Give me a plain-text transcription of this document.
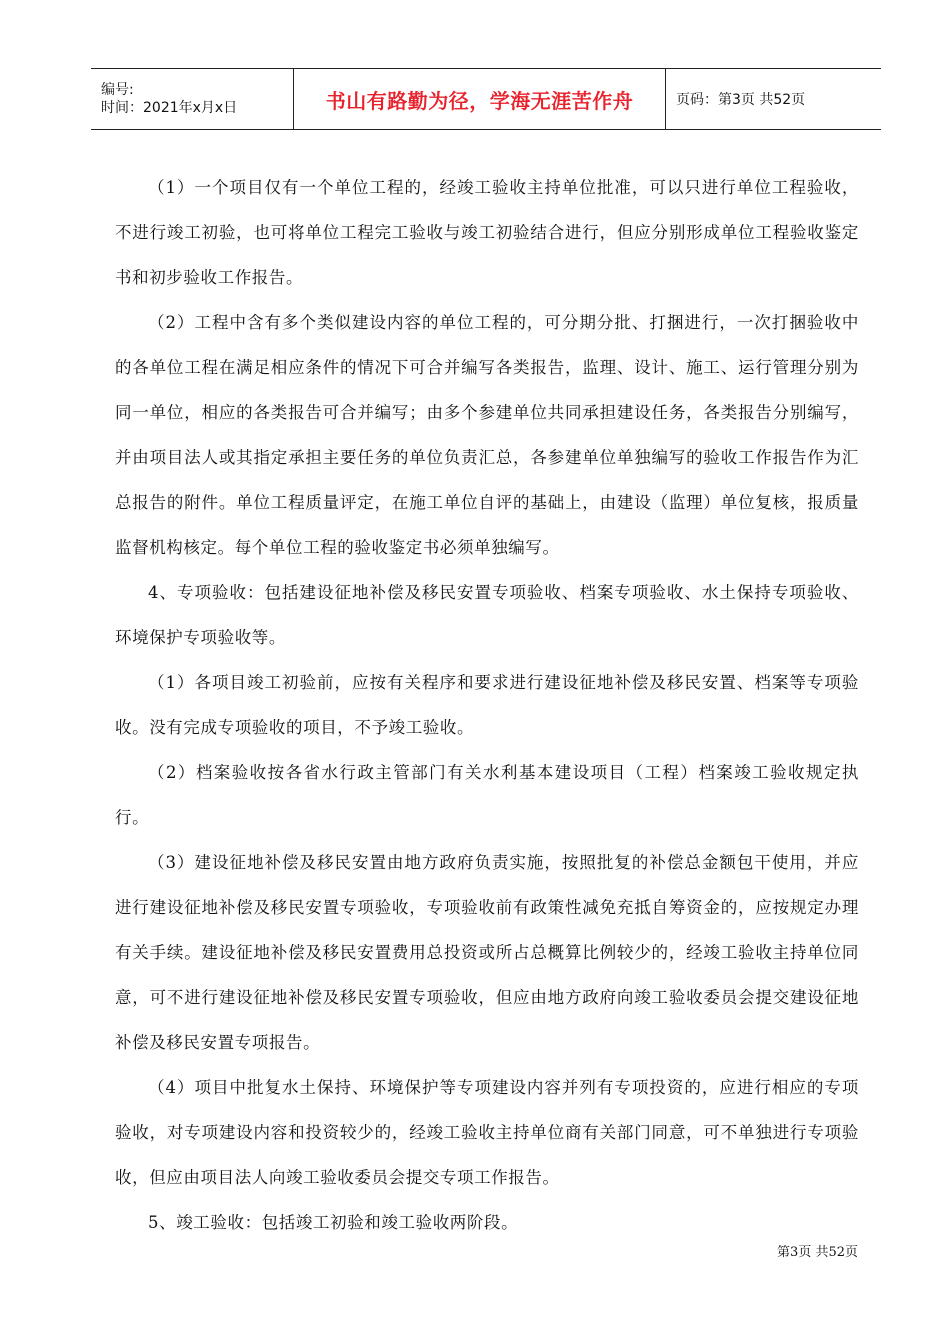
编号:
时间：2021年x月x日	书山有路勤为径，学海无涯苦作舟	页码：第3页 共52页

（1）一个项目仅有一个单位工程的，经竣工验收主持单位批准，可以只进行单位工程验收，不进行竣工初验，也可将单位工程完工验收与竣工初验结合进行，但应分别形成单位工程验收鉴定书和初步验收工作报告。

（2）工程中含有多个类似建设内容的单位工程的，可分期分批、打捆进行，一次打捆验收中的各单位工程在满足相应条件的情况下可合并编写各类报告，监理、设计、施工、运行管理分别为同一单位，相应的各类报告可合并编写；由多个参建单位共同承担建设任务，各类报告分别编写，并由项目法人或其指定承担主要任务的单位负责汇总，各参建单位单独编写的验收工作报告作为汇总报告的附件。单位工程质量评定，在施工单位自评的基础上，由建设（监理）单位复核，报质量监督机构核定。每个单位工程的验收鉴定书必须单独编写。

4、专项验收：包括建设征地补偿及移民安置专项验收、档案专项验收、水土保持专项验收、环境保护专项验收等。

（1）各项目竣工初验前，应按有关程序和要求进行建设征地补偿及移民安置、档案等专项验收。没有完成专项验收的项目，不予竣工验收。

（2）档案验收按各省水行政主管部门有关水利基本建设项目（工程）档案竣工验收规定执行。

（3）建设征地补偿及移民安置由地方政府负责实施，按照批复的补偿总金额包干使用，并应进行建设征地补偿及移民安置专项验收，专项验收前有政策性减免充抵自筹资金的，应按规定办理有关手续。建设征地补偿及移民安置费用总投资或所占总概算比例较少的，经竣工验收主持单位同意，可不进行建设征地补偿及移民安置专项验收，但应由地方政府向竣工验收委员会提交建设征地补偿及移民安置专项报告。

（4）项目中批复水土保持、环境保护等专项建设内容并列有专项投资的，应进行相应的专项验收，对专项建设内容和投资较少的，经竣工验收主持单位商有关部门同意，可不单独进行专项验收，但应由项目法人向竣工验收委员会提交专项工作报告。

5、竣工验收：包括竣工初验和竣工验收两阶段。

第3页 共52页
